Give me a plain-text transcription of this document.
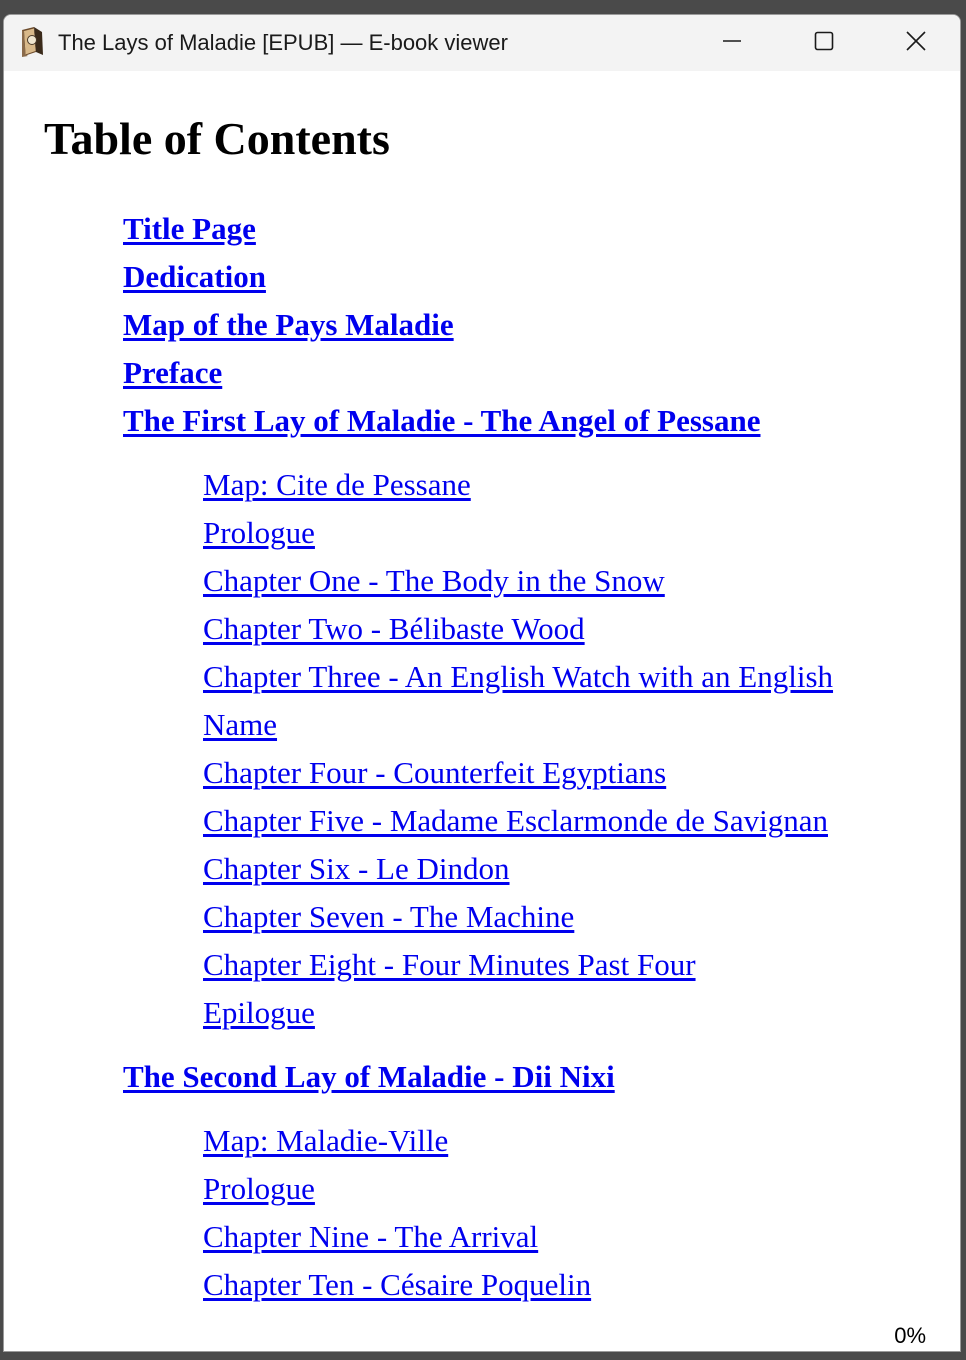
The Lays of Maladie [EPUB] — E-book viewer
Table of Contents
Title Page
Dedication
Map of the Pays Maladie
Preface
The First Lay of Maladie - The Angel of Pessane
Map: Cite de Pessane
Prologue
Chapter One - The Body in the Snow
Chapter Two - Bélibaste Wood
Chapter Three - An English Watch with an English
Name
Chapter Four - Counterfeit Egyptians
Chapter Five - Madame Esclarmonde de Savignan
Chapter Six - Le Dindon
Chapter Seven - The Machine
Chapter Eight - Four Minutes Past Four
Epilogue
The Second Lay of Maladie - Dii Nixi
Map: Maladie-Ville
Prologue
Chapter Nine - The Arrival
Chapter Ten - Césaire Poquelin
0%
